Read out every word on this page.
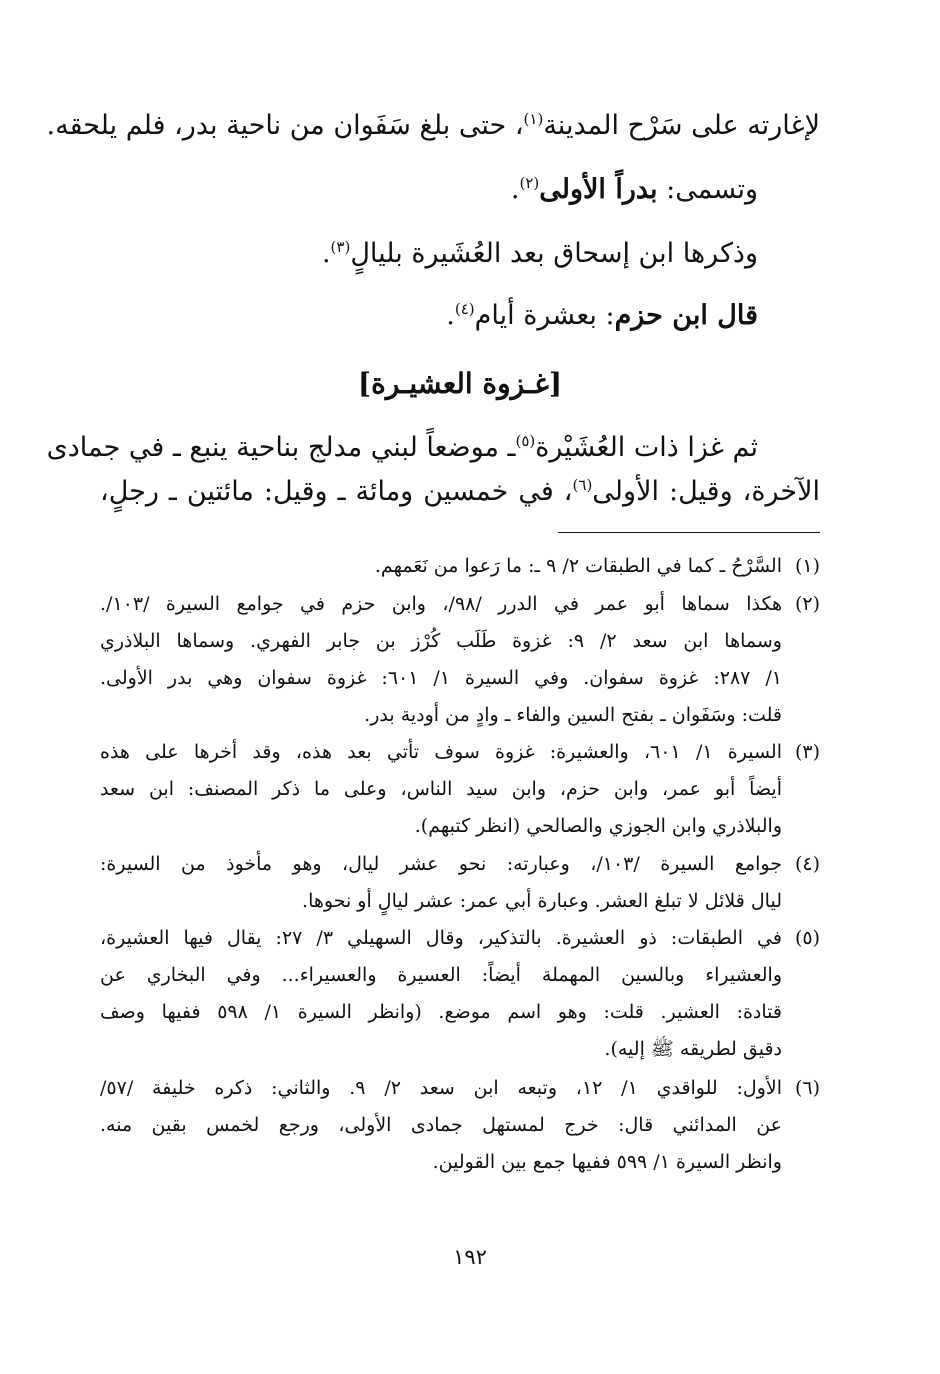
لإغارته على سَرْح المدينة$^{(١)}$، حتى بلغ سَفَوان من ناحية بدر، فلم يلحقه.
وتسمى: بدراً الأولى$^{(٢)}$.
وذكرها ابن إسحاق بعد العُشَيرة بليالٍ$^{(٣)}$.
قال ابن حزم: بعشرة أيام$^{(٤)}$.
[غـزوة العشيـرة]
ثم غزا ذات العُشَيْرة$^{(٥)}$ـ موضعاً لبني مدلج بناحية ينبع ـ في جمادى
الآخرة، وقيل: الأولى$^{(٦)}$، في خمسين ومائة ـ وقيل: مائتين ـ رجلٍ،
(١)
السَّرْحُ ـ كما في الطبقات ٢/ ٩ ـ: ما رَعوا من نَعَمهم.
(٢)
هكذا سماها أبو عمر في الدرر /٩٨/، وابن حزم في جوامع السيرة /١٠٣/.
وسماها ابن سعد ٢/ ٩: غزوة طَلَب كُرْز بن جابر الفهري. وسماها البلاذري
١/ ٢٨٧: غزوة سفوان. وفي السيرة ١/ ٦٠١: غزوة سفوان وهي بدر الأولى.
قلت: وسَفَوان ـ بفتح السين والفاء ـ وادٍ من أودية بدر.
(٣)
السيرة ١/ ٦٠١، والعشيرة: غزوة سوف تأتي بعد هذه، وقد أخرها على هذه
أيضاً أبو عمر، وابن حزم، وابن سيد الناس، وعلى ما ذكر المصنف: ابن سعد
والبلاذري وابن الجوزي والصالحي (انظر كتبهم).
(٤)
جوامع السيرة /١٠٣/، وعبارته: نحو عشر ليال، وهو مأخوذ من السيرة:
ليال قلائل لا تبلغ العشر. وعبارة أبي عمر: عشر ليالٍ أو نحوها.
(٥)
في الطبقات: ذو العشيرة. بالتذكير، وقال السهيلي ٣/ ٢٧: يقال فيها العشيرة،
والعشيراء وبالسين المهملة أيضاً: العسيرة والعسيراء... وفي البخاري عن
قتادة: العشير. قلت: وهو اسم موضع. (وانظر السيرة ١/ ٥٩٨ ففيها وصف
دقيق لطريقه ﷺ إليه).
(٦)
الأول: للواقدي ١/ ١٢، وتبعه ابن سعد ٢/ ٩. والثاني: ذكره خليفة /٥٧/
عن المدائني قال: خرج لمستهل جمادى الأولى، ورجع لخمس بقين منه.
وانظر السيرة ١/ ٥٩٩ ففيها جمع بين القولين.
١٩٢
